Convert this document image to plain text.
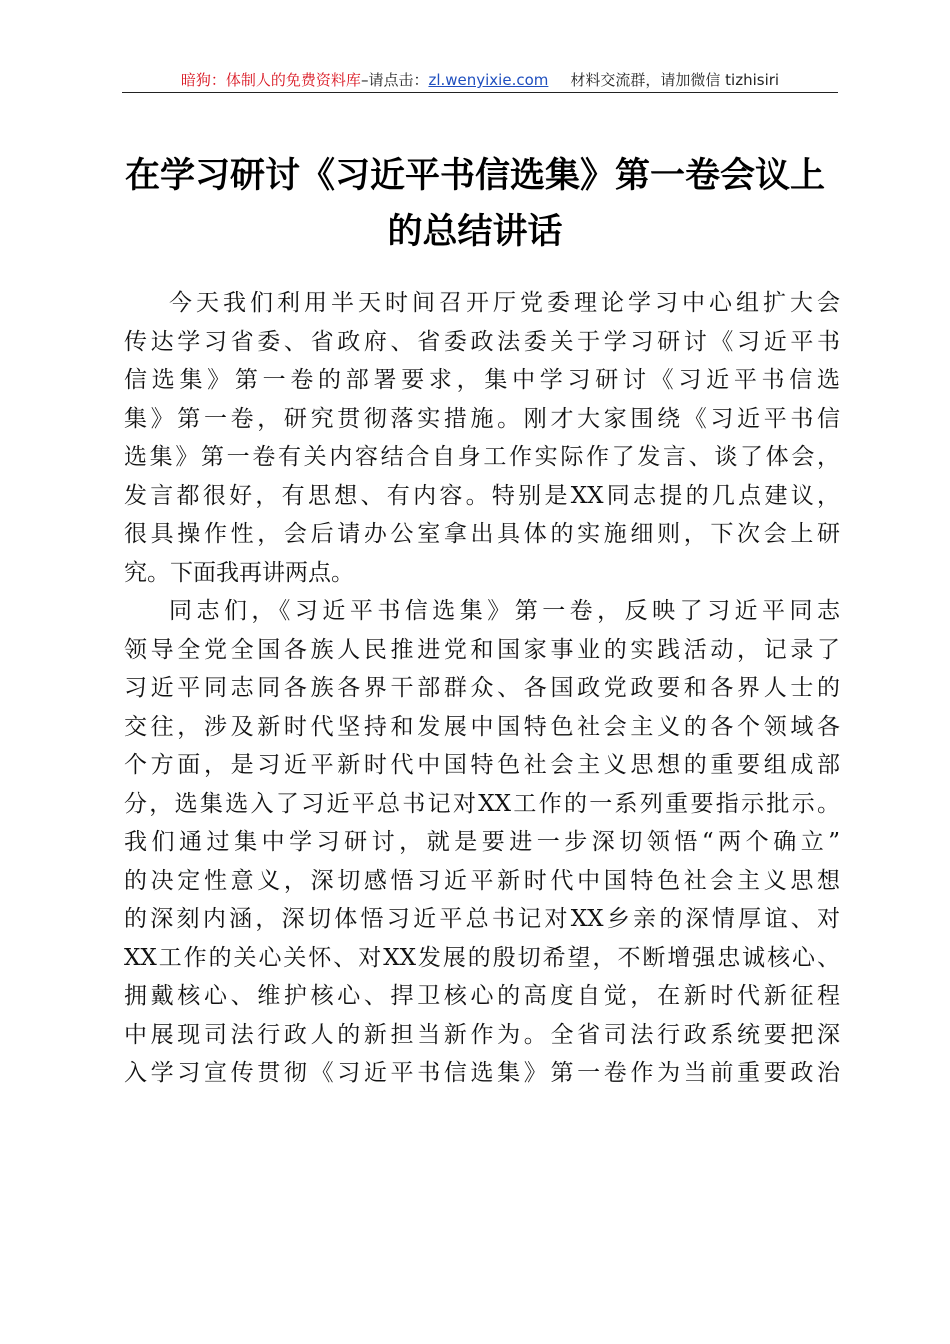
暗狗：体制人的免费资料库–请点击：zl.wenyixie.com 材料交流群，请加微信 tizhisiri
在学习研讨《习近平书信选集》第一卷会议上
的总结讲话
今天我们利用半天时间召开厅党委理论学习中心组扩大会
传达学习省委、省政府、省委政法委关于学习研讨《习近平书
信选集》第一卷的部署要求，集中学习研讨《习近平书信选
集》第一卷，研究贯彻落实措施。刚才大家围绕《习近平书信
选集》第一卷有关内容结合自身工作实际作了发言、谈了体会，
发言都很好，有思想、有内容。特别是XX同志提的几点建议，
很具操作性，会后请办公室拿出具体的实施细则，下次会上研
究。下面我再讲两点。
同志们，《习近平书信选集》第一卷，反映了习近平同志
领导全党全国各族人民推进党和国家事业的实践活动，记录了
习近平同志同各族各界干部群众、各国政党政要和各界人士的
交往，涉及新时代坚持和发展中国特色社会主义的各个领域各
个方面，是习近平新时代中国特色社会主义思想的重要组成部
分，选集选入了习近平总书记对XX工作的一系列重要指示批示。
我们通过集中学习研讨，就是要进一步深切领悟“两个确立”
的决定性意义，深切感悟习近平新时代中国特色社会主义思想
的深刻内涵，深切体悟习近平总书记对XX乡亲的深情厚谊、对
XX工作的关心关怀、对XX发展的殷切希望，不断增强忠诚核心、
拥戴核心、维护核心、捍卫核心的高度自觉，在新时代新征程
中展现司法行政人的新担当新作为。全省司法行政系统要把深
入学习宣传贯彻《习近平书信选集》第一卷作为当前重要政治
